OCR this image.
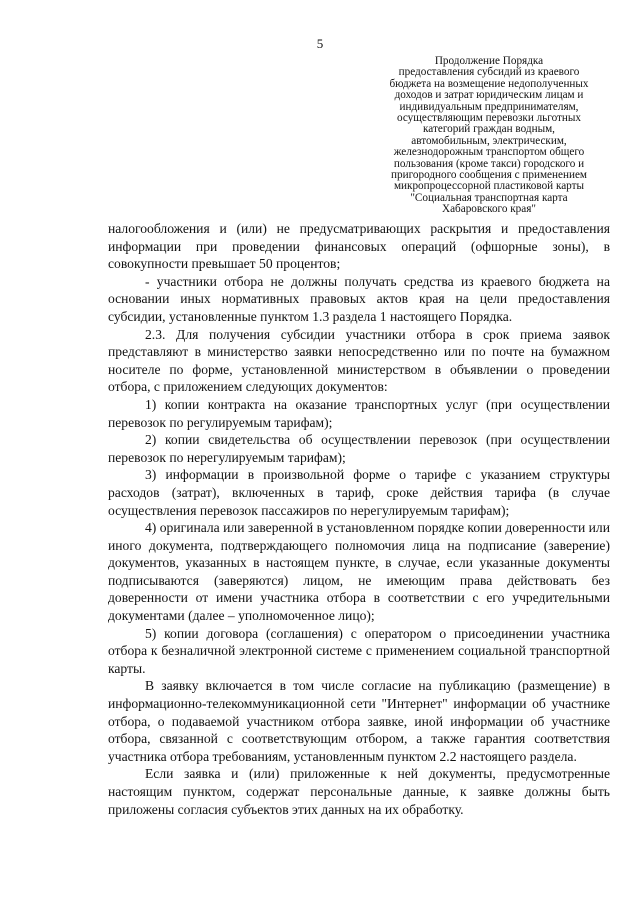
5
Продолжение Порядка
предоставления субсидий из краевого
бюджета на возмещение недополученных
доходов и затрат юридическим лицам и
индивидуальным предпринимателям,
осуществляющим перевозки льготных
категорий граждан водным,
автомобильным, электрическим,
железнодорожным транспортом общего
пользования (кроме такси) городского и
пригородного сообщения с применением
микропроцессорной пластиковой карты
"Социальная транспортная карта
Хабаровского края"

налогообложения и (или) не предусматривающих раскрытия и предоставления информации при проведении финансовых операций (офшорные зоны), в совокупности превышает 50 процентов;

- участники отбора не должны получать средства из краевого бюджета на основании иных нормативных правовых актов края на цели предоставления субсидии, установленные пунктом 1.3 раздела 1 настоящего Порядка.

2.3. Для получения субсидии участники отбора в срок приема заявок представляют в министерство заявки непосредственно или по почте на бумажном носителе по форме, установленной министерством в объявлении о проведении отбора, с приложением следующих документов:

1) копии контракта на оказание транспортных услуг (при осуществлении перевозок по регулируемым тарифам);

2) копии свидетельства об осуществлении перевозок (при осуществлении перевозок по нерегулируемым тарифам);

3) информации в произвольной форме о тарифе с указанием структуры расходов (затрат), включенных в тариф, сроке действия тарифа (в случае осуществления перевозок пассажиров по нерегулируемым тарифам);

4) оригинала или заверенной в установленном порядке копии доверенности или иного документа, подтверждающего полномочия лица на подписание (заверение) документов, указанных в настоящем пункте, в случае, если указанные документы подписываются (заверяются) лицом, не имеющим права действовать без доверенности от имени участника отбора в соответствии с его учредительными документами (далее – уполномоченное лицо);

5) копии договора (соглашения) с оператором о присоединении участника отбора к безналичной электронной системе с применением социальной транспортной карты.

В заявку включается в том числе согласие на публикацию (размещение) в информационно-телекоммуникационной сети "Интернет" информации об участнике отбора, о подаваемой участником отбора заявке, иной информации об участнике отбора, связанной с соответствующим отбором, а также гарантия соответствия участника отбора требованиям, установленным пунктом 2.2 настоящего раздела.

Если заявка и (или) приложенные к ней документы, предусмотренные настоящим пунктом, содержат персональные данные, к заявке должны быть приложены согласия субъектов этих данных на их обработку.
